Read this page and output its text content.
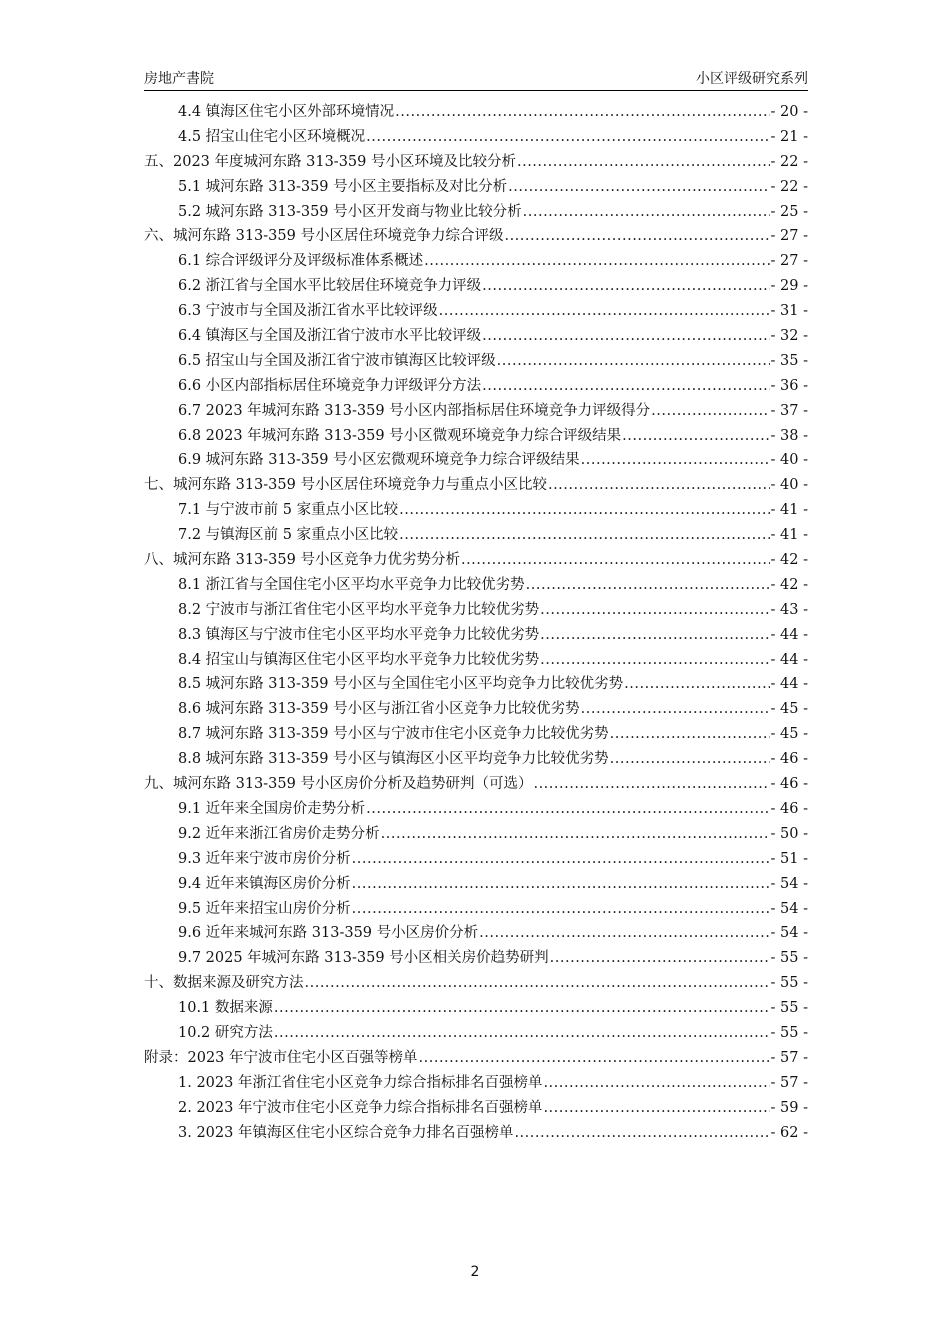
房地产書院	小区评级研究系列
4.4 镇海区住宅小区外部环境情况 .....	- 20 -
4.5 招宝山住宅小区环境概况 .....	- 21 -
五、2023 年度城河东路 313-359 号小区环境及比较分析 .....	- 22 -
5.1 城河东路 313-359 号小区主要指标及对比分析 .....	- 22 -
5.2 城河东路 313-359 号小区开发商与物业比较分析 .....	- 25 -
六、城河东路 313-359 号小区居住环境竞争力综合评级 .....	- 27 -
6.1 综合评级评分及评级标准体系概述 .....	- 27 -
6.2 浙江省与全国水平比较居住环境竞争力评级 .....	- 29 -
6.3 宁波市与全国及浙江省水平比较评级 .....	- 31 -
6.4 镇海区与全国及浙江省宁波市水平比较评级 .....	- 32 -
6.5 招宝山与全国及浙江省宁波市镇海区比较评级 .....	- 35 -
6.6 小区内部指标居住环境竞争力评级评分方法 .....	- 36 -
6.7 2023 年城河东路 313-359 号小区内部指标居住环境竞争力评级得分 .....	- 37 -
6.8 2023 年城河东路 313-359 号小区微观环境竞争力综合评级结果 .....	- 38 -
6.9 城河东路 313-359 号小区宏微观环境竞争力综合评级结果 .....	- 40 -
七、城河东路 313-359 号小区居住环境竞争力与重点小区比较 .....	- 40 -
7.1 与宁波市前 5 家重点小区比较 .....	- 41 -
7.2 与镇海区前 5 家重点小区比较 .....	- 41 -
八、城河东路 313-359 号小区竞争力优劣势分析 .....	- 42 -
8.1 浙江省与全国住宅小区平均水平竞争力比较优劣势 .....	- 42 -
8.2 宁波市与浙江省住宅小区平均水平竞争力比较优劣势 .....	- 43 -
8.3 镇海区与宁波市住宅小区平均水平竞争力比较优劣势 .....	- 44 -
8.4 招宝山与镇海区住宅小区平均水平竞争力比较优劣势 .....	- 44 -
8.5 城河东路 313-359 号小区与全国住宅小区平均竞争力比较优劣势 .....	- 44 -
8.6 城河东路 313-359 号小区与浙江省小区竞争力比较优劣势 .....	- 45 -
8.7 城河东路 313-359 号小区与宁波市住宅小区竞争力比较优劣势 .....	- 45 -
8.8 城河东路 313-359 号小区与镇海区小区平均竞争力比较优劣势 .....	- 46 -
九、城河东路 313-359 号小区房价分析及趋势研判（可选） .....	- 46 -
9.1 近年来全国房价走势分析 .....	- 46 -
9.2 近年来浙江省房价走势分析 .....	- 50 -
9.3 近年来宁波市房价分析 .....	- 51 -
9.4 近年来镇海区房价分析 .....	- 54 -
9.5 近年来招宝山房价分析 .....	- 54 -
9.6 近年来城河东路 313-359 号小区房价分析 .....	- 54 -
9.7 2025 年城河东路 313-359 号小区相关房价趋势研判 .....	- 55 -
十、数据来源及研究方法 .....	- 55 -
10.1 数据来源 .....	- 55 -
10.2 研究方法 .....	- 55 -
附录：2023 年宁波市住宅小区百强等榜单 .....	- 57 -
1. 2023 年浙江省住宅小区竞争力综合指标排名百强榜单 .....	- 57 -
2. 2023 年宁波市住宅小区竞争力综合指标排名百强榜单 .....	- 59 -
3. 2023 年镇海区住宅小区综合竞争力排名百强榜单 .....	- 62 -
2
